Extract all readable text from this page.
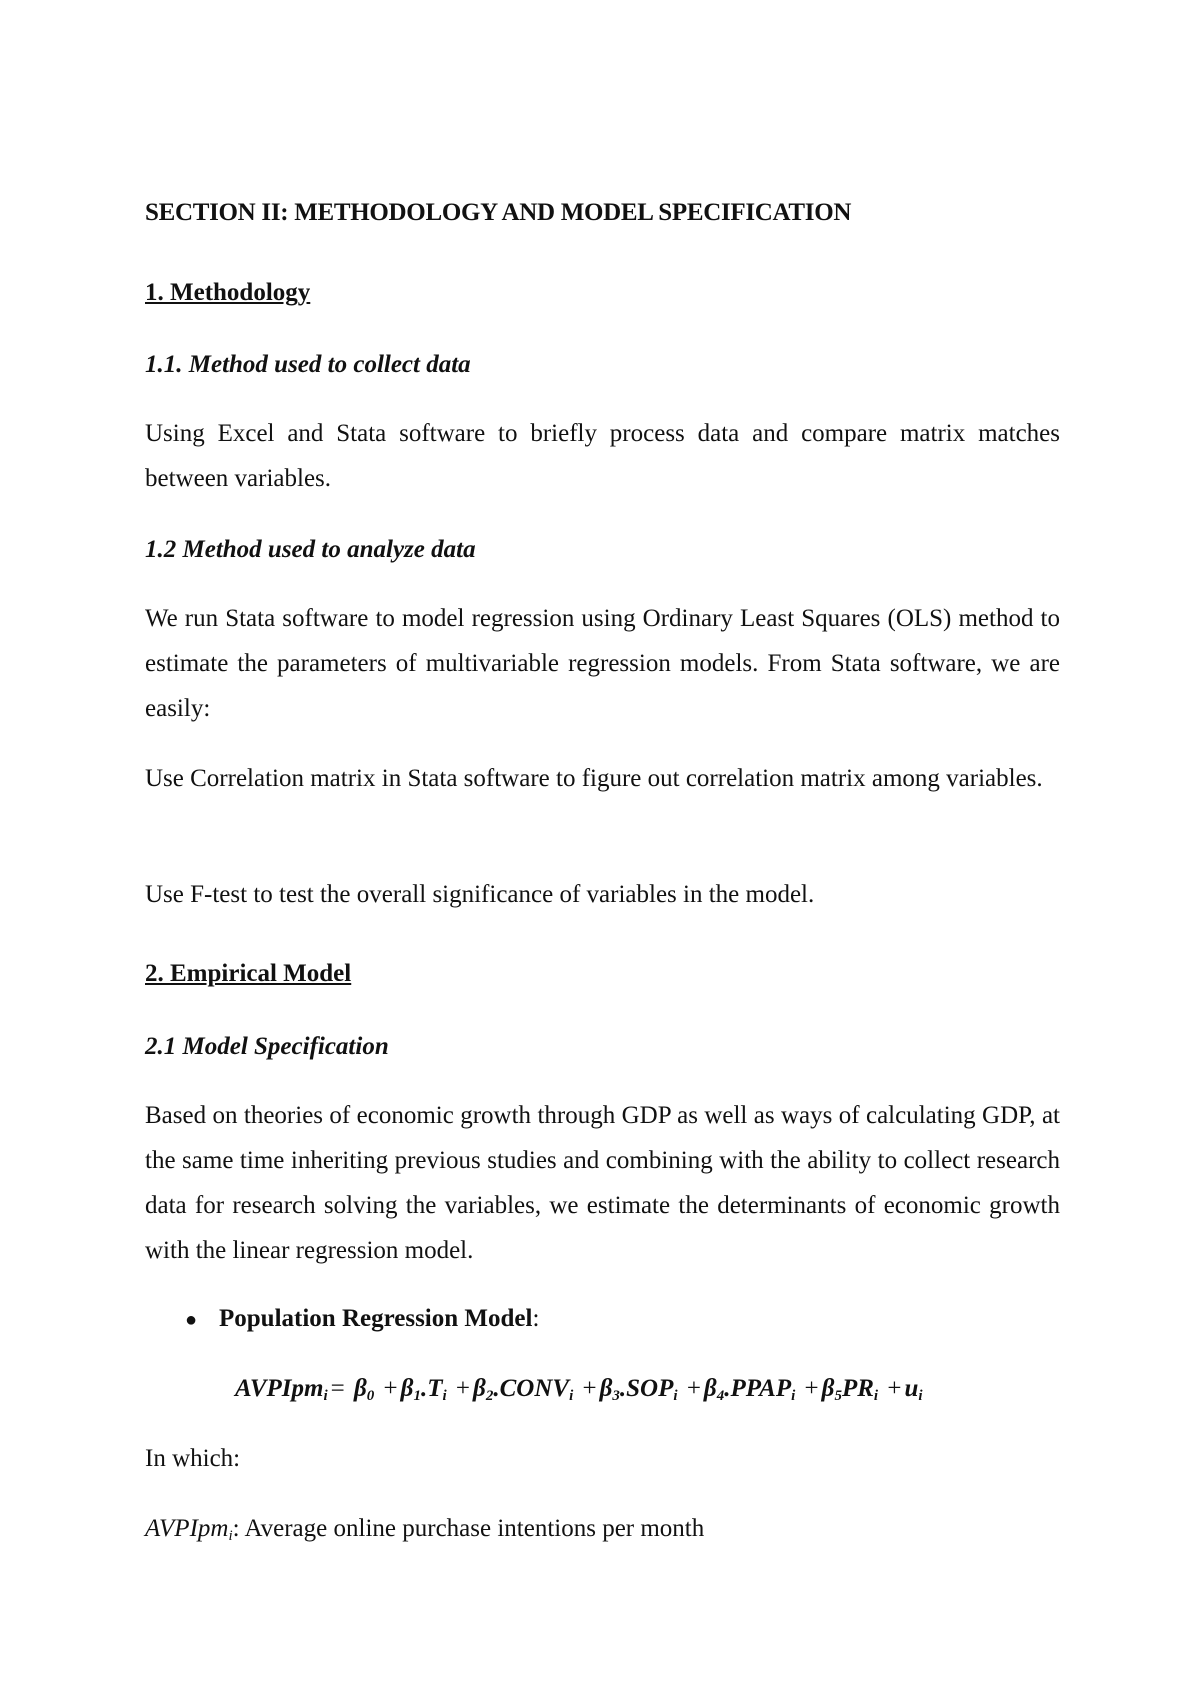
SECTION II: METHODOLOGY AND MODEL SPECIFICATION
1. Methodology
1.1. Method used to collect data
Using Excel and Stata software to briefly process data and compare matrix matches between variables.
1.2 Method used to analyze data
We run Stata software to model regression using Ordinary Least Squares (OLS) method to estimate the parameters of multivariable regression models. From Stata software, we are easily:
Use Correlation matrix in Stata software to figure out correlation matrix among variables.
Use F-test to test the overall significance of variables in the model.
2. Empirical Model
2.1 Model Specification
Based on theories of economic growth through GDP as well as ways of calculating GDP, at the same time inheriting previous studies and combining with the ability to collect research data for research solving the variables, we estimate the determinants of economic growth with the linear regression model.
● Population Regression Model:
AVPIpm$_i$ = $\beta_0 + \beta_1.T_i$ + $\beta_2.CONV_i + \beta_3.SOP_i$ + $\beta_4.PPAP_i + \beta_5PR_i + u_i$
In which:
AVPIpm$_i$: Average online purchase intentions per month
